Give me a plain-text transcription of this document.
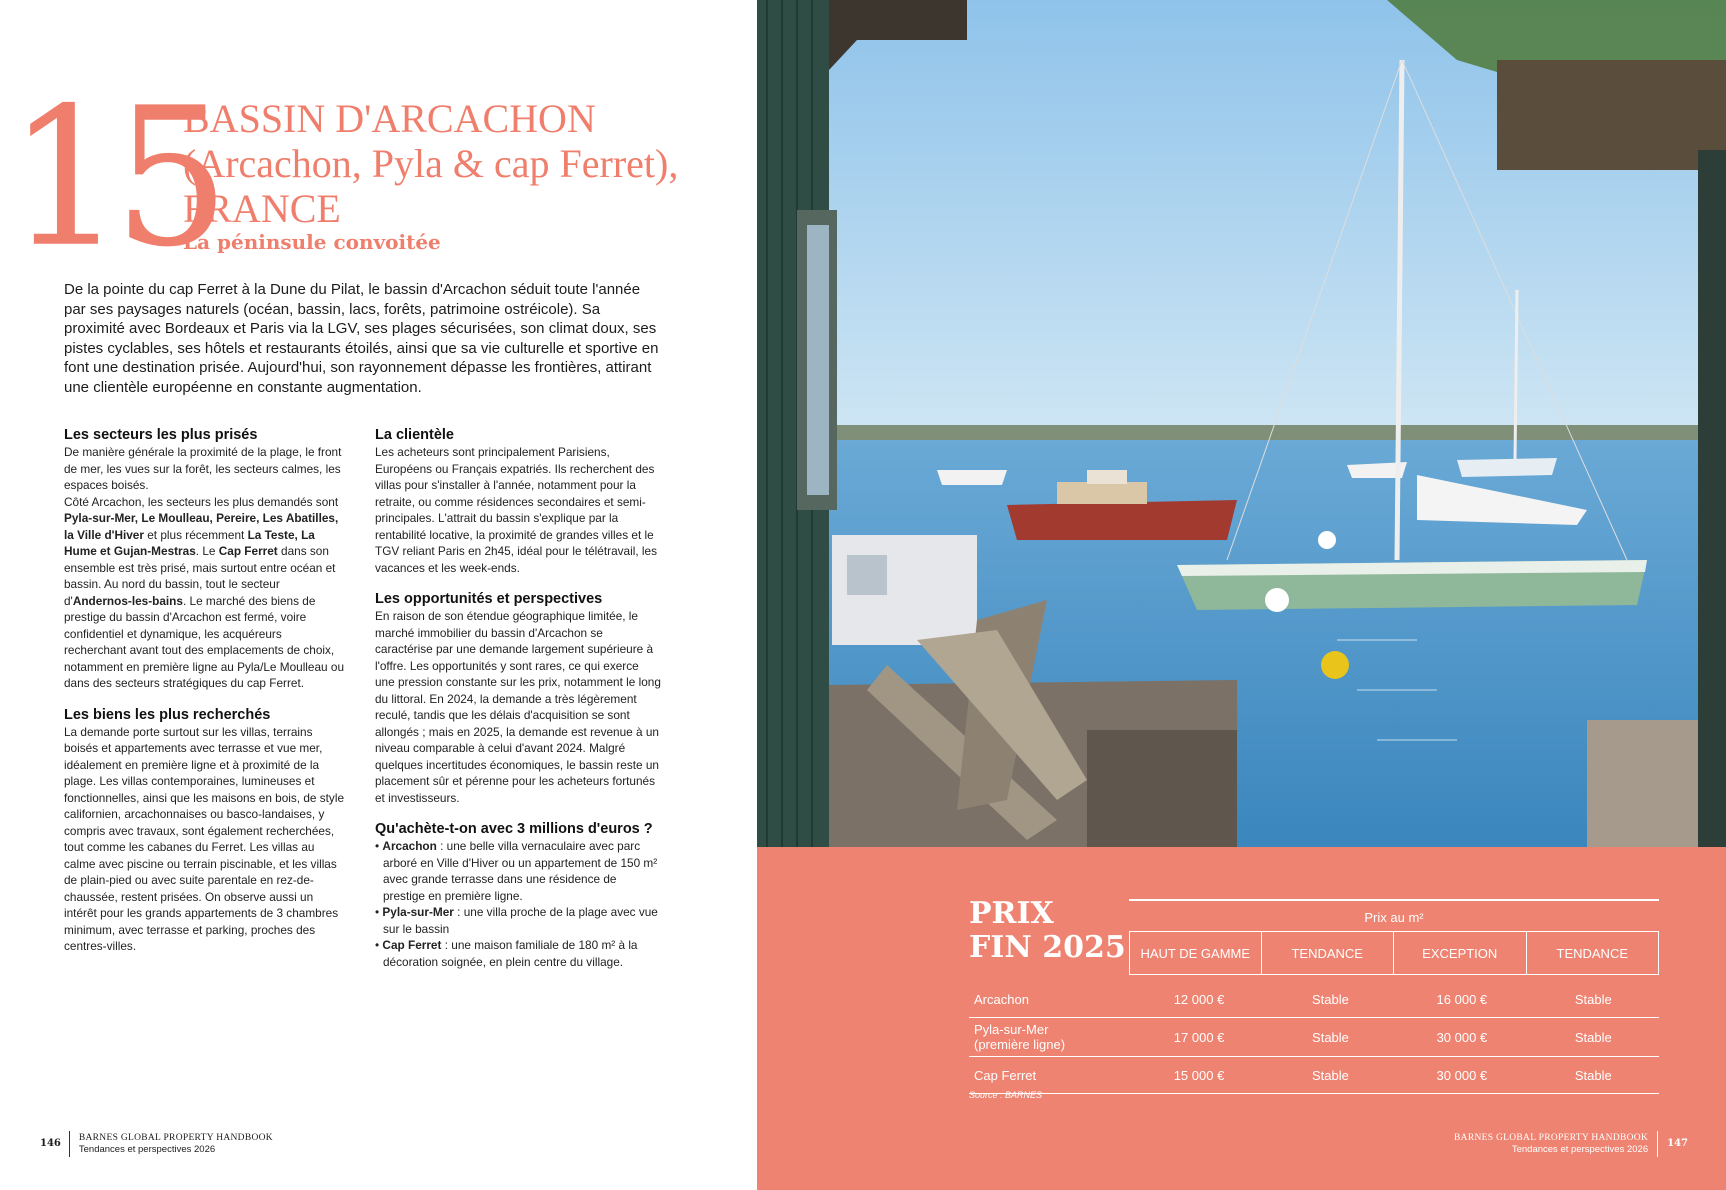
15
BASSIN D'ARCACHON
(Arcachon, Pyla & cap Ferret),
FRANCE
La péninsule convoitée

De la pointe du cap Ferret à la Dune du Pilat, le bassin d'Arcachon séduit toute l'année par ses paysages naturels (océan, bassin, lacs, forêts, patrimoine ostréicole). Sa proximité avec Bordeaux et Paris via la LGV, ses plages sécurisées, son climat doux, ses pistes cyclables, ses hôtels et restaurants étoilés, ainsi que sa vie culturelle et sportive en font une destination prisée. Aujourd'hui, son rayonnement dépasse les frontières, attirant une clientèle européenne en constante augmentation.

Les secteurs les plus prisés

De manière générale la proximité de la plage, le front de mer, les vues sur la forêt, les secteurs calmes, les espaces boisés.

Côté Arcachon, les secteurs les plus demandés sont Pyla-sur-Mer, Le Moulleau, Pereire, Les Abatilles, la Ville d'Hiver et plus récemment La Teste, La Hume et Gujan-Mestras. Le Cap Ferret dans son ensemble est très prisé, mais surtout entre océan et bassin. Au nord du bassin, tout le secteur d'Andernos-les-bains. Le marché des biens de prestige du bassin d'Arcachon est fermé, voire confidentiel et dynamique, les acquéreurs recherchant avant tout des emplacements de choix, notamment en première ligne au Pyla/Le Moulleau ou dans des secteurs stratégiques du cap Ferret.

Les biens les plus recherchés

La demande porte surtout sur les villas, terrains boisés et appartements avec terrasse et vue mer, idéalement en première ligne et à proximité de la plage. Les villas contemporaines, lumineuses et fonctionnelles, ainsi que les maisons en bois, de style californien, arcachonnaises ou basco-landaises, y compris avec travaux, sont également recherchées, tout comme les cabanes du Ferret. Les villas au calme avec piscine ou terrain piscinable, et les villas de plain-pied ou avec suite parentale en rez-de-chaussée, restent prisées. On observe aussi un intérêt pour les grands appartements de 3 chambres minimum, avec terrasse et parking, proches des centres-villes.

La clientèle

Les acheteurs sont principalement Parisiens, Européens ou Français expatriés. Ils recherchent des villas pour s'installer à l'année, notamment pour la retraite, ou comme résidences secondaires et semi-principales. L'attrait du bassin s'explique par la rentabilité locative, la proximité de grandes villes et le TGV reliant Paris en 2h45, idéal pour le télétravail, les vacances et les week-ends.

Les opportunités et perspectives

En raison de son étendue géographique limitée, le marché immobilier du bassin d'Arcachon se caractérise par une demande largement supérieure à l'offre. Les opportunités y sont rares, ce qui exerce une pression constante sur les prix, notamment le long du littoral. En 2024, la demande a très légèrement reculé, tandis que les délais d'acquisition se sont allongés ; mais en 2025, la demande est revenue à un niveau comparable à celui d'avant 2024. Malgré quelques incertitudes économiques, le bassin reste un placement sûr et pérenne pour les acheteurs fortunés et investisseurs.

Qu'achète-t-on avec 3 millions d'euros ?
• Arcachon : une belle villa vernaculaire avec parc arboré en Ville d'Hiver ou un appartement de 150 m² avec grande terrasse dans une résidence de prestige en première ligne.
• Pyla-sur-Mer : une villa proche de la plage avec vue sur le bassin
• Cap Ferret : une maison familiale de 180 m² à la décoration soignée, en plein centre du village.
146	BARNES GLOBAL PROPERTY HANDBOOK
Tendances et perspectives 2026
PRIX
FIN 2025
Prix au m²
HAUT DE GAMME	TENDANCE	EXCEPTION	TENDANCE
Arcachon	12 000 €	Stable	16 000 €	Stable
Pyla-sur-Mer (première ligne)	17 000 €	Stable	30 000 €	Stable
Cap Ferret	15 000 €	Stable	30 000 €	Stable
Source : BARNES
BARNES GLOBAL PROPERTY HANDBOOK
Tendances et perspectives 2026
147
